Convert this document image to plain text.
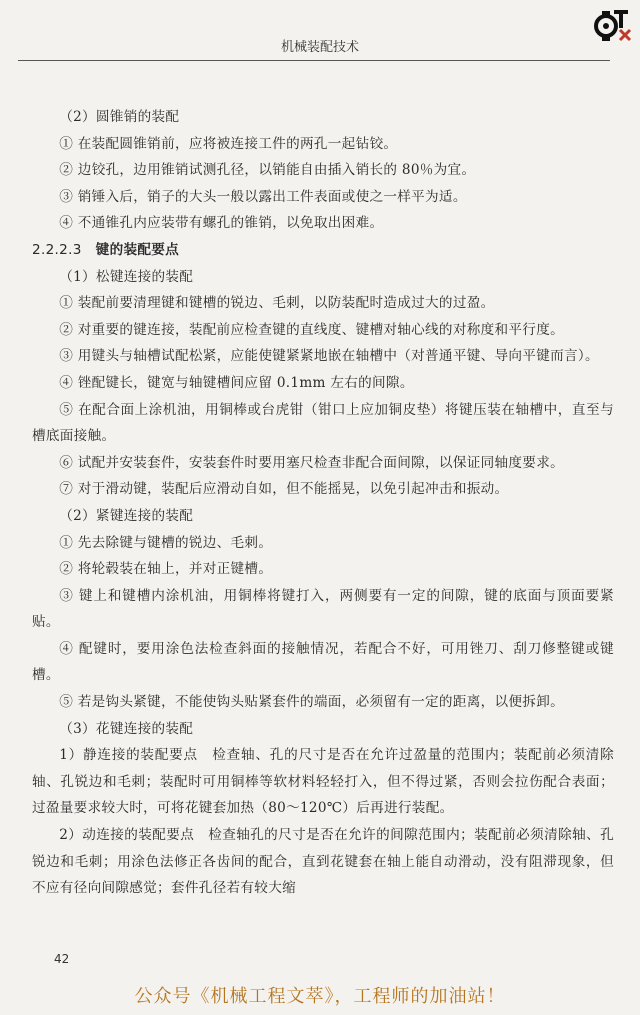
机械装配技术

（2）圆锥销的装配

① 在装配圆锥销前，应将被连接工件的两孔一起钻铰。

② 边铰孔，边用锥销试测孔径，以销能自由插入销长的 80％为宜。

③ 销锤入后，销子的大头一般以露出工件表面或使之一样平为适。

④ 不通锥孔内应装带有螺孔的锥销，以免取出困难。

2.2.2.3 键的装配要点

（1）松键连接的装配

① 装配前要清理键和键槽的锐边、毛刺，以防装配时造成过大的过盈。

② 对重要的键连接，装配前应检查键的直线度、键槽对轴心线的对称度和平行度。

③ 用键头与轴槽试配松紧，应能使键紧紧地嵌在轴槽中（对普通平键、导向平键而言）。

④ 锉配键长，键宽与轴键槽间应留 0.1mm 左右的间隙。

⑤ 在配合面上涂机油，用铜棒或台虎钳（钳口上应加铜皮垫）将键压装在轴槽中，直至与槽底面接触。

⑥ 试配并安装套件，安装套件时要用塞尺检查非配合面间隙，以保证同轴度要求。

⑦ 对于滑动键，装配后应滑动自如，但不能摇晃，以免引起冲击和振动。

（2）紧键连接的装配

① 先去除键与键槽的锐边、毛刺。

② 将轮毂装在轴上，并对正键槽。

③ 键上和键槽内涂机油，用铜棒将键打入，两侧要有一定的间隙，键的底面与顶面要紧贴。

④ 配键时，要用涂色法检查斜面的接触情况，若配合不好，可用锉刀、刮刀修整键或键槽。

⑤ 若是钩头紧键，不能使钩头贴紧套件的端面，必须留有一定的距离，以便拆卸。

（3）花键连接的装配

1）静连接的装配要点　检查轴、孔的尺寸是否在允许过盈量的范围内；装配前必须清除轴、孔锐边和毛刺；装配时可用铜棒等软材料轻轻打入，但不得过紧，否则会拉伤配合表面；过盈量要求较大时，可将花键套加热（80～120℃）后再进行装配。

2）动连接的装配要点　检查轴孔的尺寸是否在允许的间隙范围内；装配前必须清除轴、孔锐边和毛刺；用涂色法修正各齿间的配合，直到花键套在轴上能自动滑动，没有阻滞现象，但不应有径向间隙感觉；套件孔径若有较大缩

42
公众号《机械工程文萃》，工程师的加油站！
